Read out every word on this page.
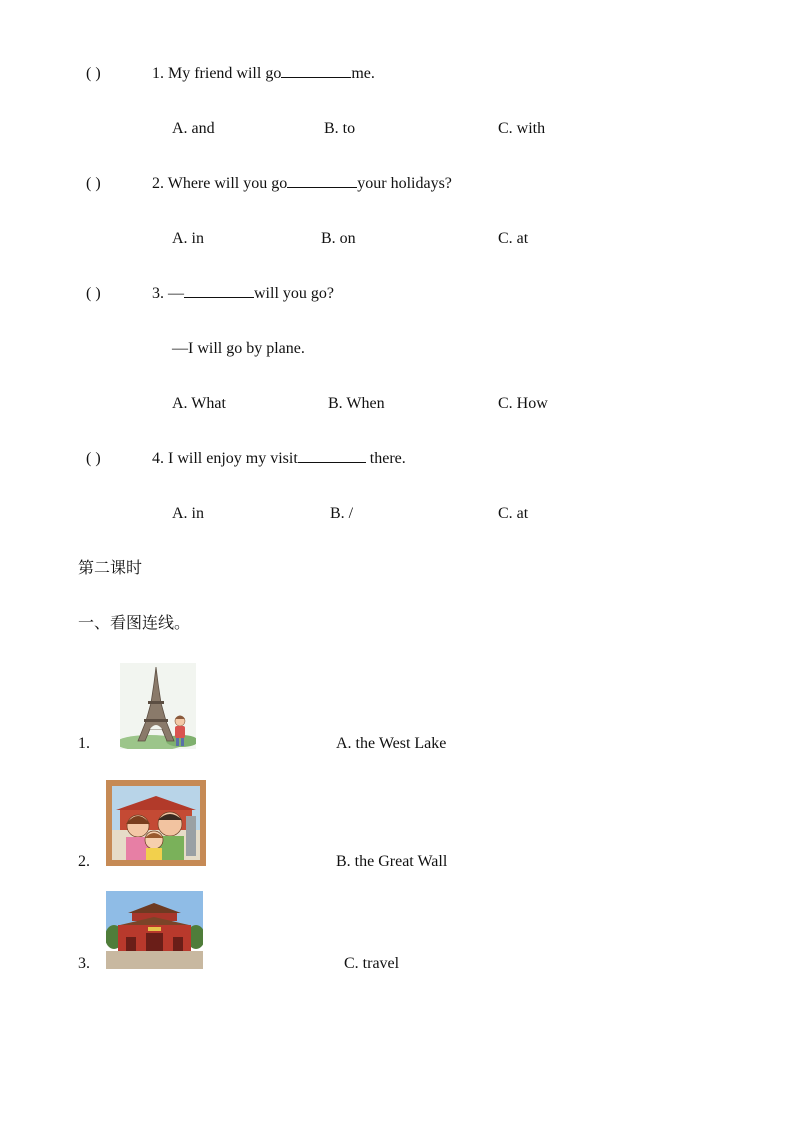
( )	1. My friend will go	me.
A. and	B. to	C. with
( )	2. Where will you go	your holidays?
A. in	B. on	C. at
( )	3. —	will you go?
—I will go by plane.
A. What	B. When	C. How
( )	4. I will enjoy my visit	there.
A. in	B. /	C. at
第二课时
一、看图连线。
1.	A. the West Lake
2.	B. the Great Wall
3.	C. travel
